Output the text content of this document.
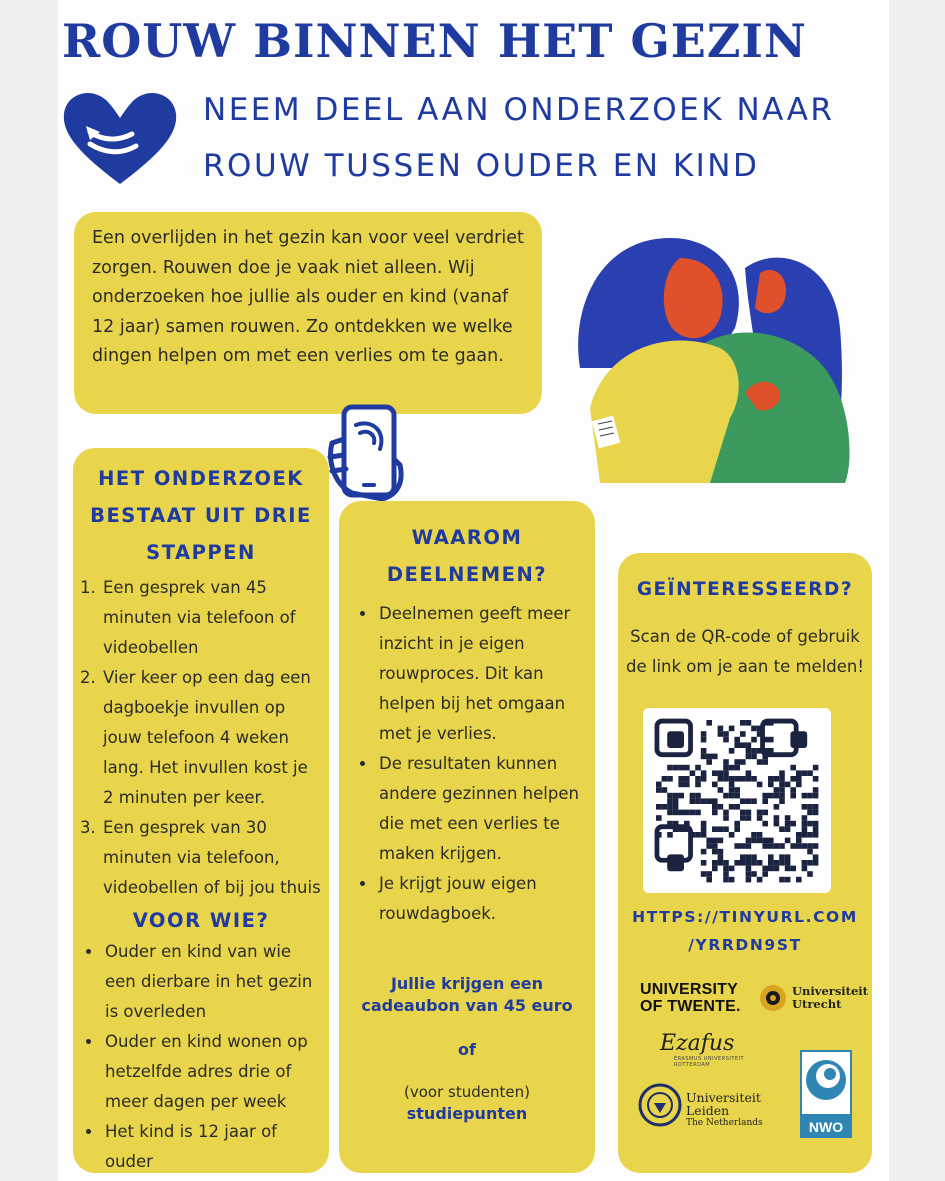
ROUW BINNEN HET GEZIN
NEEM DEEL AAN ONDERZOEK NAAR
ROUW TUSSEN OUDER EN KIND
Een overlijden in het gezin kan voor veel verdriet zorgen. Rouwen doe je vaak niet alleen. Wij onderzoeken hoe jullie als ouder en kind (vanaf 12 jaar) samen rouwen. Zo ontdekken we welke dingen helpen om met een verlies om te gaan.
HET ONDERZOEK BESTAAT UIT DRIE STAPPEN
1. Een gesprek van 45 minuten via telefoon of videobellen
2. Vier keer op een dag een dagboekje invullen op jouw telefoon 4 weken lang. Het invullen kost je 2 minuten per keer.
3. Een gesprek van 30 minuten via telefoon, videobellen of bij jou thuis
VOOR WIE?
• Ouder en kind van wie een dierbare in het gezin is overleden
• Ouder en kind wonen op hetzelfde adres drie of meer dagen per week
• Het kind is 12 jaar of ouder
WAAROM DEELNEMEN?
• Deelnemen geeft meer inzicht in je eigen rouwproces. Dit kan helpen bij het omgaan met je verlies.
• De resultaten kunnen andere gezinnen helpen die met een verlies te maken krijgen.
• Je krijgt jouw eigen rouwdagboek.
Jullie krijgen een cadeaubon van 45 euro
of
(voor studenten)
studiepunten
GEÏNTERESSEERD?
Scan de QR-code of gebruik de link om je aan te melden!
HTTPS://TINYURL.COM
/YRRDN9ST
UNIVERSITY
OF TWENTE.
Universiteit
Utrecht
Ezafus
ERASMUS UNIVERSITEIT ROTTERDAM
Universiteit
Leiden
The Netherlands	NWO
